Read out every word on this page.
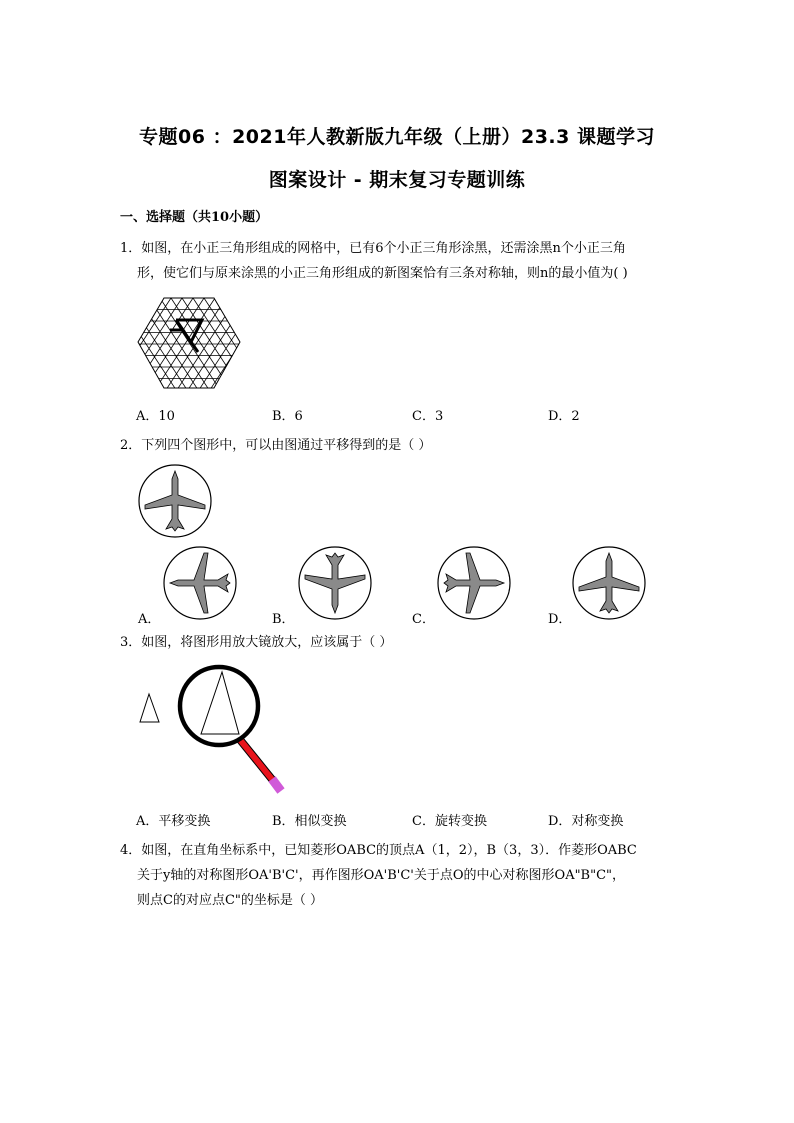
专题06 ：2021年人教新版九年级（上册）23.3 课题学习
图案设计 - 期末复习专题训练
一、选择题（共10小题）
1．如图，在小正三角形组成的网格中，已有6个小正三角形涂黑，还需涂黑n个小正三角
形，使它们与原来涂黑的小正三角形组成的新图案恰有三条对称轴，则n的最小值为( )
A．10	B．6	C．3	D．2
2．下列四个图形中，可以由图通过平移得到的是（ ）
A．	B．	C．	D．
3．如图，将图形用放大镜放大，应该属于（ ）
A．平移变换	B．相似变换	C．旋转变换	D．对称变换
4．如图，在直角坐标系中，已知菱形OABC的顶点A（1，2），B（3，3）．作菱形OABC
关于y轴的对称图形OA'B'C'，再作图形OA'B'C'关于点O的中心对称图形OA"B"C"，
则点C的对应点C"的坐标是（ ）
